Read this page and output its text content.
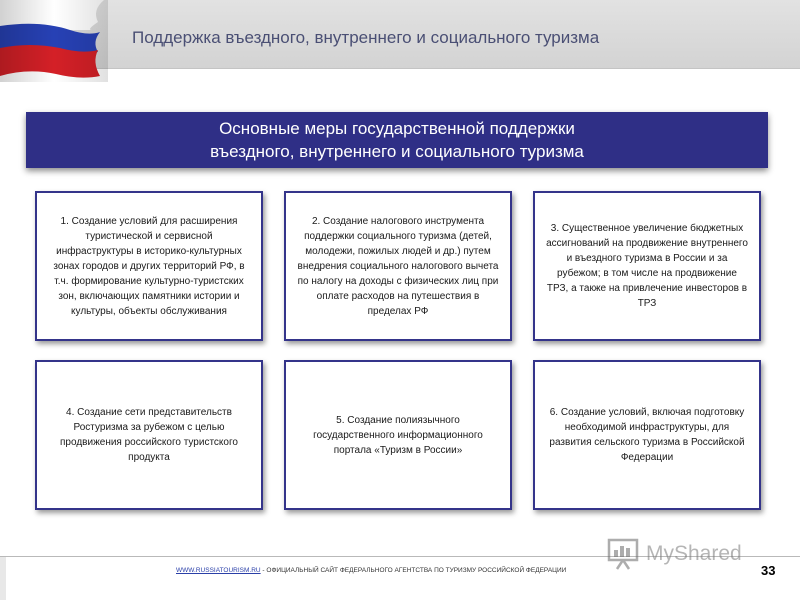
Поддержка въездного, внутреннего и социального туризма
Основные меры государственной поддержки
въездного, внутреннего и социального туризма
1. Создание условий для расширения туристической и сервисной инфраструктуры в историко-культурных зонах городов и других территорий РФ, в т.ч. формирование культурно-туристских зон, включающих памятники истории и культуры, объекты обслуживания
2. Создание налогового инструмента поддержки социального туризма (детей, молодежи, пожилых людей и др.) путем внедрения социального налогового вычета по налогу на доходы с физических лиц при оплате расходов на путешествия в пределах РФ
3. Существенное увеличение бюджетных ассигнований на продвижение внутреннего и въездного туризма в России и за рубежом; в том числе на продвижение ТРЗ, а также на привлечение инвесторов в ТРЗ
4. Создание сети представительств Ростуризма за рубежом с целью продвижения российского туристского продукта
5. Создание полиязычного государственного информационного портала «Туризм в России»
6. Создание условий, включая подготовку необходимой инфраструктуры, для развития сельского туризма в Российской Федерации
MyShared
WWW.RUSSIATOURISM.RU - ОФИЦИАЛЬНЫЙ САЙТ ФЕДЕРАЛЬНОГО АГЕНТСТВА ПО ТУРИЗМУ РОССИЙСКОЙ ФЕДЕРАЦИИ	33
